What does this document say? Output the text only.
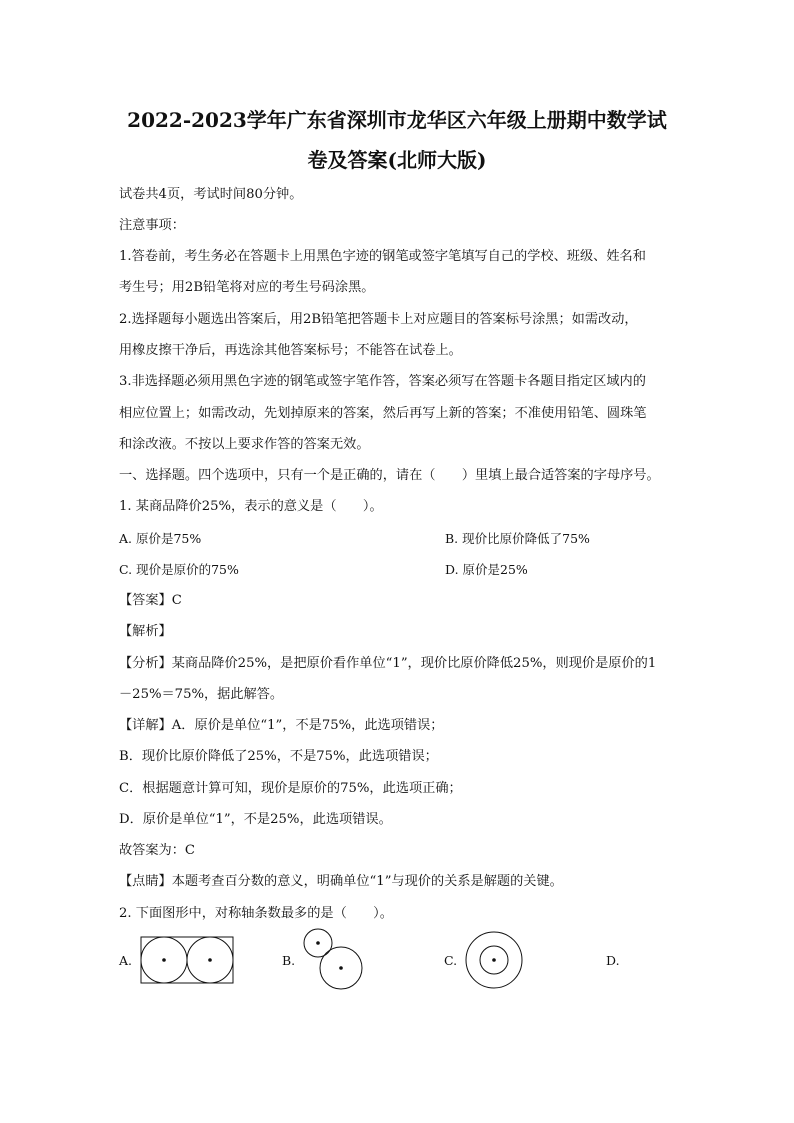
2022-2023学年广东省深圳市龙华区六年级上册期中数学试
卷及答案(北师大版)
试卷共4页，考试时间80分钟。
注意事项：
1.答卷前，考生务必在答题卡上用黑色字迹的钢笔或签字笔填写自己的学校、班级、姓名和
考生号；用2B铅笔将对应的考生号码涂黑。
2.选择题每小题选出答案后，用2B铅笔把答题卡上对应题目的答案标号涂黑；如需改动，
用橡皮擦干净后，再选涂其他答案标号；不能答在试卷上。
3.非选择题必须用黑色字迹的钢笔或签字笔作答，答案必须写在答题卡各题目指定区域内的
相应位置上；如需改动，先划掉原来的答案，然后再写上新的答案；不准使用铅笔、圆珠笔
和涂改液。不按以上要求作答的答案无效。
一、选择题。四个选项中，只有一个是正确的，请在（　　）里填上最合适答案的字母序号。
1. 某商品降价25%，表示的意义是（　　）。
A. 原价是75%	B. 现价比原价降低了75%
C. 现价是原价的75%	D. 原价是25%
【答案】C
【解析】
【分析】某商品降价25%，是把原价看作单位“1”，现价比原价降低25%，则现价是原价的1
－25%＝75%，据此解答。
【详解】A．原价是单位“1”，不是75%，此选项错误；
B．现价比原价降低了25%，不是75%，此选项错误；
C．根据题意计算可知，现价是原价的75%，此选项正确；
D．原价是单位“1”，不是25%，此选项错误。
故答案为：C
【点睛】本题考查百分数的意义，明确单位“1”与现价的关系是解题的关键。
2. 下面图形中，对称轴条数最多的是（　　）。
A.	B.	C.	D.
